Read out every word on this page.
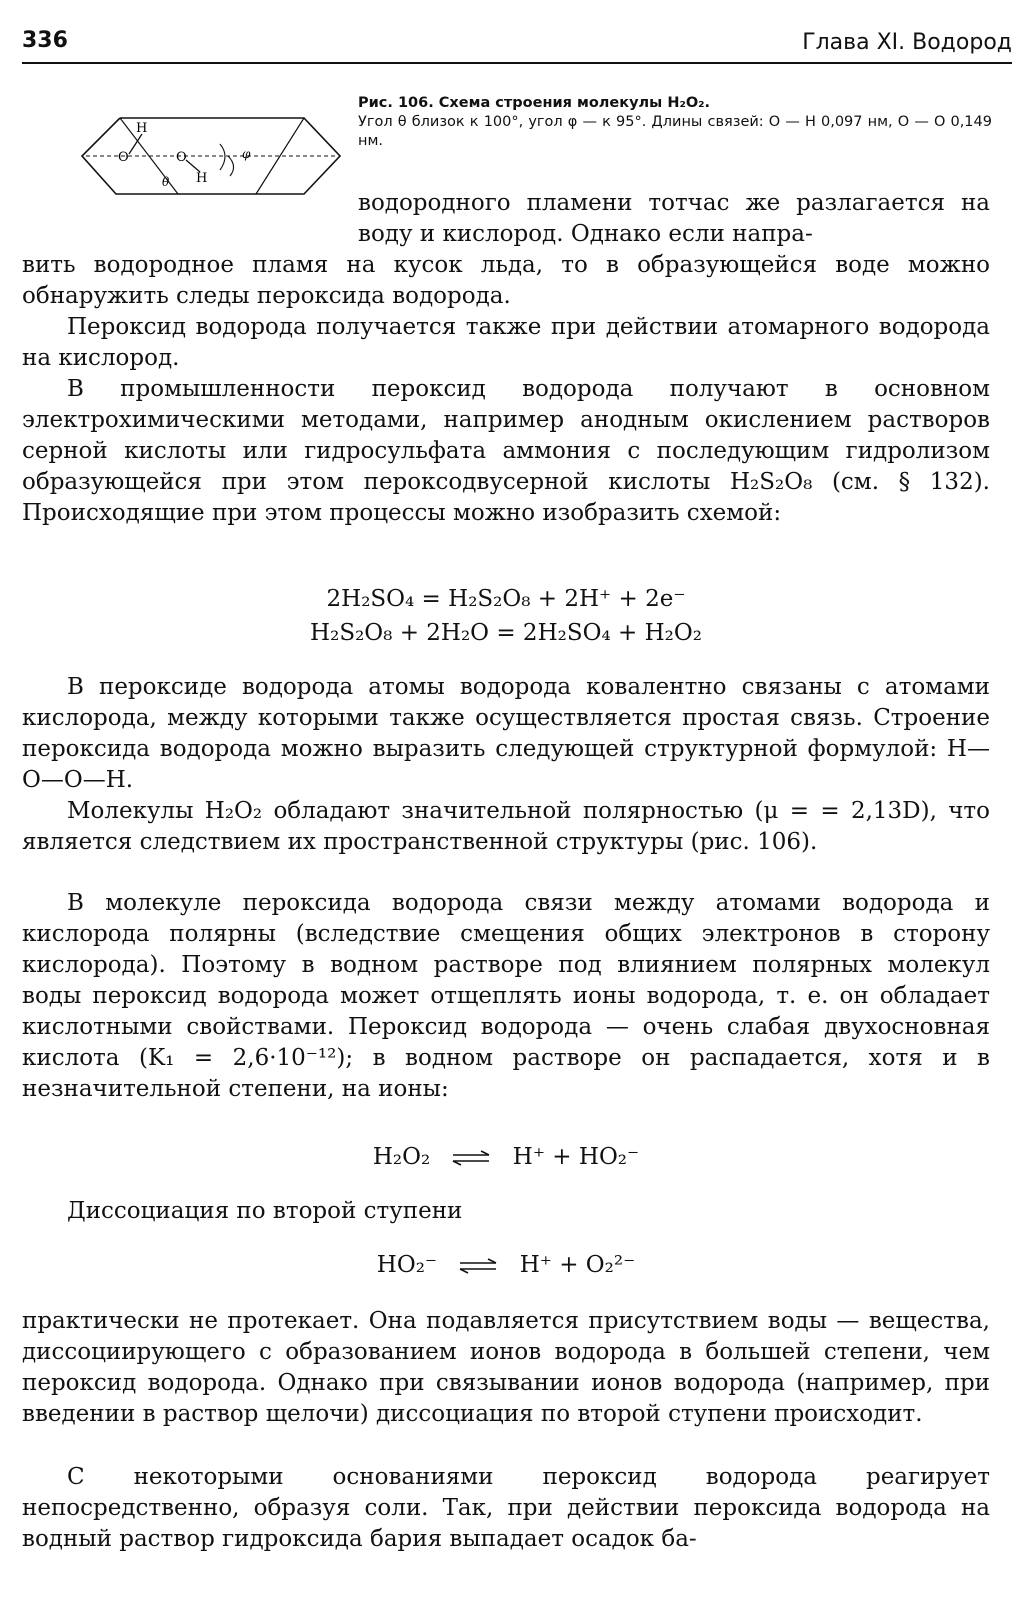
336	Глава XI. Водород
H
O	O
H
θ
φ
Рис. 106. Схема строения молекулы H₂O₂.
Угол θ близок к 100°, угол φ — к 95°. Длины связей: О — Н 0,097 нм, О — О 0,149 нм.

водородного пламени тотчас же разлагается на воду и кислород. Однако если напра-

вить водородное пламя на кусок льда, то в образующейся воде можно обнаружить следы пероксида водорода.

Пероксид водорода получается также при действии атомарного водорода на кислород.

В промышленности пероксид водорода получают в основном электрохимическими методами, например анодным окислением растворов серной кислоты или гидросульфата аммония с последующим гидролизом образующейся при этом пероксодвусерной кислоты H₂S₂O₈ (см. § 132). Происходящие при этом процессы можно изобразить схемой:

2H₂SO₄ = H₂S₂O₈ + 2H⁺ + 2e⁻
H₂S₂O₈ + 2H₂O = 2H₂SO₄ + H₂O₂

В пероксиде водорода атомы водорода ковалентно связаны с атомами кислорода, между которыми также осуществляется простая связь. Строение пероксида водорода можно выразить следующей структурной формулой: Н—О—О—Н.

Молекулы H₂O₂ обладают значительной полярностью (μ = = 2,13D), что является следствием их пространственной структуры (рис. 106).

В молекуле пероксида водорода связи между атомами водорода и кислорода полярны (вследствие смещения общих электронов в сторону кислорода). Поэтому в водном растворе под влиянием полярных молекул воды пероксид водорода может отщеплять ионы водорода, т. е. он обладает кислотными свойствами. Пероксид водорода — очень слабая двухосновная кислота (K₁ = 2,6·10⁻¹²); в водном растворе он распадается, хотя и в незначительной степени, на ионы:

H₂O₂ ⇌ H⁺ + HO₂⁻

Диссоциация по второй ступени

HO₂⁻ ⇌ H⁺ + O₂²⁻

практически не протекает. Она подавляется присутствием воды — вещества, диссоциирующего с образованием ионов водорода в большей степени, чем пероксид водорода. Однако при связывании ионов водорода (например, при введении в раствор щелочи) диссоциация по второй ступени происходит.

С некоторыми основаниями пероксид водорода реагирует непосредственно, образуя соли. Так, при действии пероксида водорода на водный раствор гидроксида бария выпадает осадок ба-
